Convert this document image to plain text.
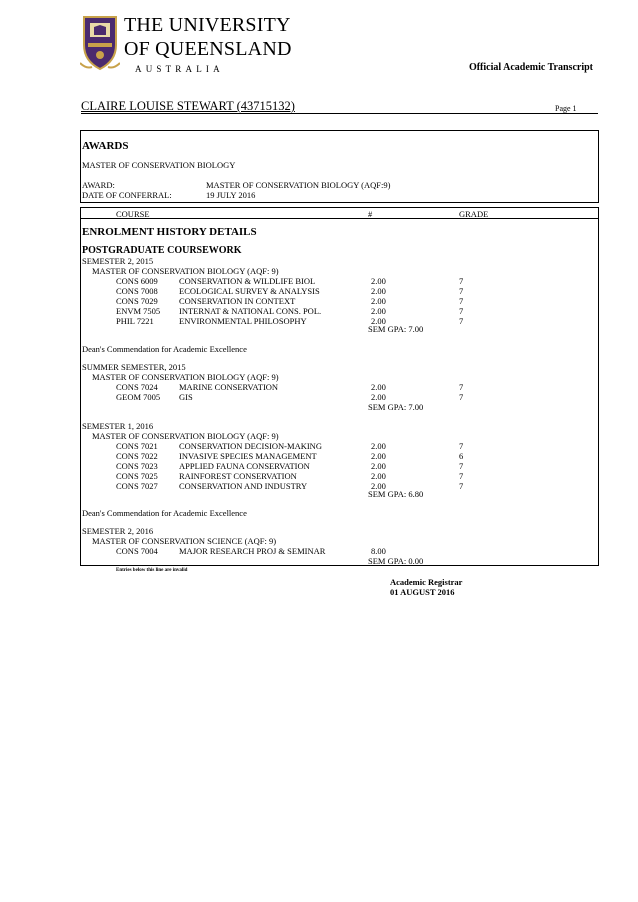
THE UNIVERSITY
OF QUEENSLAND
AUSTRALIA	Official Academic Transcript
CLAIRE LOUISE STEWART (43715132)	Page 1
AWARDS
MASTER OF CONSERVATION BIOLOGY
AWARD:	MASTER OF CONSERVATION BIOLOGY (AQF:9)
DATE OF CONFERRAL:	19 JULY 2016
COURSE	#	GRADE
ENROLMENT HISTORY DETAILS
POSTGRADUATE COURSEWORK
SEMESTER 2, 2015
MASTER OF CONSERVATION BIOLOGY (AQF: 9)
CONS 6009 CONSERVATION & WILDLIFE BIOL	2.00	7
CONS 7008 ECOLOGICAL SURVEY & ANALYSIS	2.00	7
CONS 7029 CONSERVATION IN CONTEXT	2.00	7
ENVM 7505 INTERNAT & NATIONAL CONS. POL.	2.00	7
PHIL 7221	ENVIRONMENTAL PHILOSOPHY	2.00	7
SEM GPA: 7.00
Dean's Commendation for Academic Excellence
SUMMER SEMESTER, 2015
MASTER OF CONSERVATION BIOLOGY (AQF: 9)
CONS 7024 MARINE CONSERVATION	2.00	7
GEOM 7005 GIS	2.00	7
SEM GPA: 7.00
SEMESTER 1, 2016
MASTER OF CONSERVATION BIOLOGY (AQF: 9)
CONS 7021 CONSERVATION DECISION-MAKING	2.00	7
CONS 7022 INVASIVE SPECIES MANAGEMENT	2.00	6
CONS 7023 APPLIED FAUNA CONSERVATION	2.00	7
CONS 7025 RAINFOREST CONSERVATION	2.00	7
CONS 7027 CONSERVATION AND INDUSTRY	2.00	7
SEM GPA: 6.80
Dean's Commendation for Academic Excellence
SEMESTER 2, 2016
MASTER OF CONSERVATION SCIENCE (AQF: 9)
CONS 7004 MAJOR RESEARCH PROJ & SEMINAR	8.00
SEM GPA: 0.00
Entries below this line are invalid
Academic Registrar
01 AUGUST 2016
